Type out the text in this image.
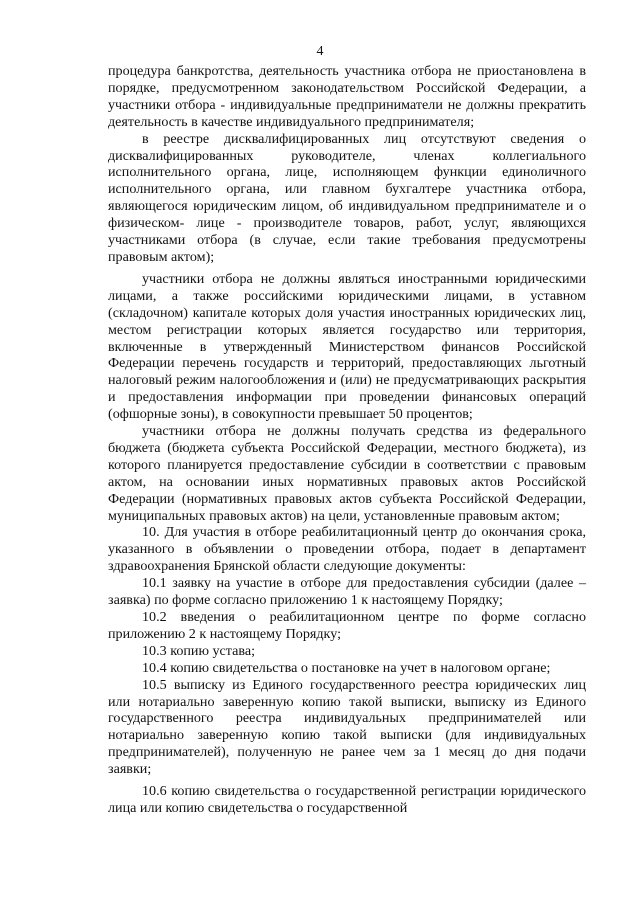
4

процедура банкротства, деятельность участника отбора не приостановлена в порядке, предусмотренном законодательством Российской Федерации, а участники отбора - индивидуальные предприниматели не должны прекратить деятельность в качестве индивидуального предпринимателя;

в реестре дисквалифицированных лиц отсутствуют сведения о дисквалифицированных руководителе, членах коллегиального исполнительного органа, лице, исполняющем функции единоличного исполнительного органа, или главном бухгалтере участника отбора, являющегося юридическим лицом, об индивидуальном предпринимателе и о физическом- лице - производителе товаров, работ, услуг, являющихся участниками отбора (в случае, если такие требования предусмотрены правовым актом);

участники отбора не должны являться иностранными юридическими лицами, а также российскими юридическими лицами, в уставном (складочном) капитале которых доля участия иностранных юридических лиц, местом регистрации которых является государство или территория, включенные в утвержденный Министерством финансов Российской Федерации перечень государств и территорий, предоставляющих льготный налоговый режим налогообложения и (или) не предусматривающих раскрытия и предоставления информации при проведении финансовых операций (офшорные зоны), в совокупности превышает 50 процентов;

участники отбора не должны получать средства из федерального бюджета (бюджета субъекта Российской Федерации, местного бюджета), из которого планируется предоставление субсидии в соответствии с правовым актом, на основании иных нормативных правовых актов Российской Федерации (нормативных правовых актов субъекта Российской Федерации, муниципальных правовых актов) на цели, установленные правовым актом;

10. Для участия в отборе реабилитационный центр до окончания срока, указанного в объявлении о проведении отбора, подает в департамент здравоохранения Брянской области следующие документы:

10.1 заявку на участие в отборе для предоставления субсидии (далее – заявка) по форме согласно приложению 1 к настоящему Порядку;

10.2 введения о реабилитационном центре по форме согласно приложению 2 к настоящему Порядку;

10.3 копию устава;

10.4 копию свидетельства о постановке на учет в налоговом органе;

10.5 выписку из Единого государственного реестра юридических лиц или нотариально заверенную копию такой выписки, выписку из Единого государственного реестра индивидуальных предпринимателей или нотариально заверенную копию такой выписки (для индивидуальных предпринимателей), полученную не ранее чем за 1 месяц до дня подачи заявки;

10.6 копию свидетельства о государственной регистрации юридического лица или копию свидетельства о государственной
